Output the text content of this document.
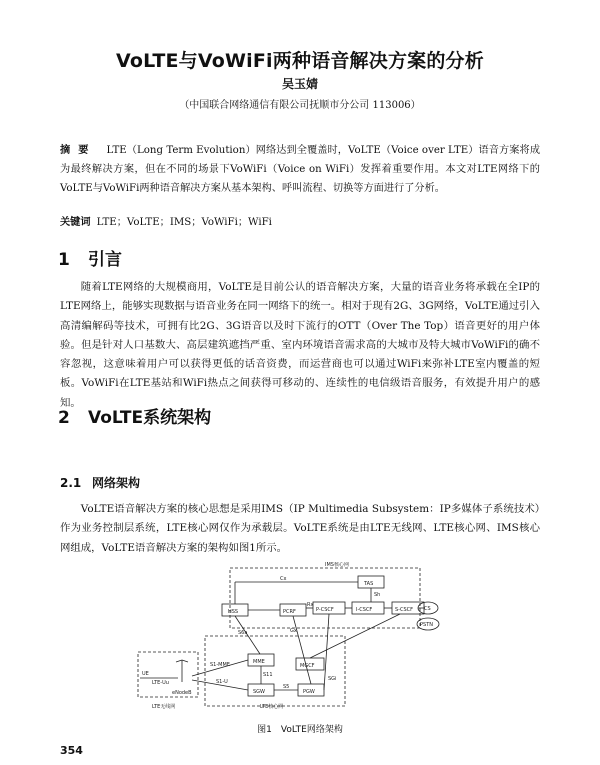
VoLTE与VoWiFi两种语音解决方案的分析
吴玉婧
（中国联合网络通信有限公司抚顺市分公司 113006）
摘要 LTE（Long Term Evolution）网络达到全覆盖时，VoLTE（Voice over LTE）语音方案将成为最终解决方案，但在不同的场景下VoWiFi（Voice on WiFi）发挥着重要作用。本文对LTE网络下的VoLTE与VoWiFi两种语音解决方案从基本架构、呼叫流程、切换等方面进行了分析。
关键词 LTE；VoLTE；IMS；VoWiFi；WiFi
1 引言
随着LTE网络的大规模商用，VoLTE是目前公认的语音解决方案，大量的语音业务将承载在全IP的LTE网络上，能够实现数据与语音业务在同一网络下的统一。相对于现有2G、3G网络，VoLTE通过引入高清编解码等技术，可拥有比2G、3G语音以及时下流行的OTT（Over The Top）语音更好的用户体验。但是针对人口基数大、高层建筑遮挡严重、室内环境语音需求高的大城市及特大城市VoWiFi的确不容忽视，这意味着用户可以获得更低的话音资费，而运营商也可以通过WiFi来弥补LTE室内覆盖的短板。VoWiFi在LTE基站和WiFi热点之间获得可移动的、连续性的电信级语音服务，有效提升用户的感知。
2 VoLTE系统架构
2.1 网络架构
VoLTE语音解决方案的核心思想是采用IMS（IP Multimedia Subsystem：IP多媒体子系统技术）作为业务控制层系统，LTE核心网仅作为承载层。VoLTE系统是由LTE无线网、LTE核心网、IMS核心网组成，VoLTE语音解决方案的架构如图1所示。
IMS核心网
LTE核心网
LTE无线网
HSS	PCRF	P-CSCF	I-CSCF	S-CSCF
TAS
MME
SGW	PGW
MGCF
CS
PSTN
eNodeB
UE
Gx
Rx
Cx
Sh
S6a
S1-MME
S1-U
S11
S5
SGi
LTE-Uu
图1　VoLTE网络架构
354
